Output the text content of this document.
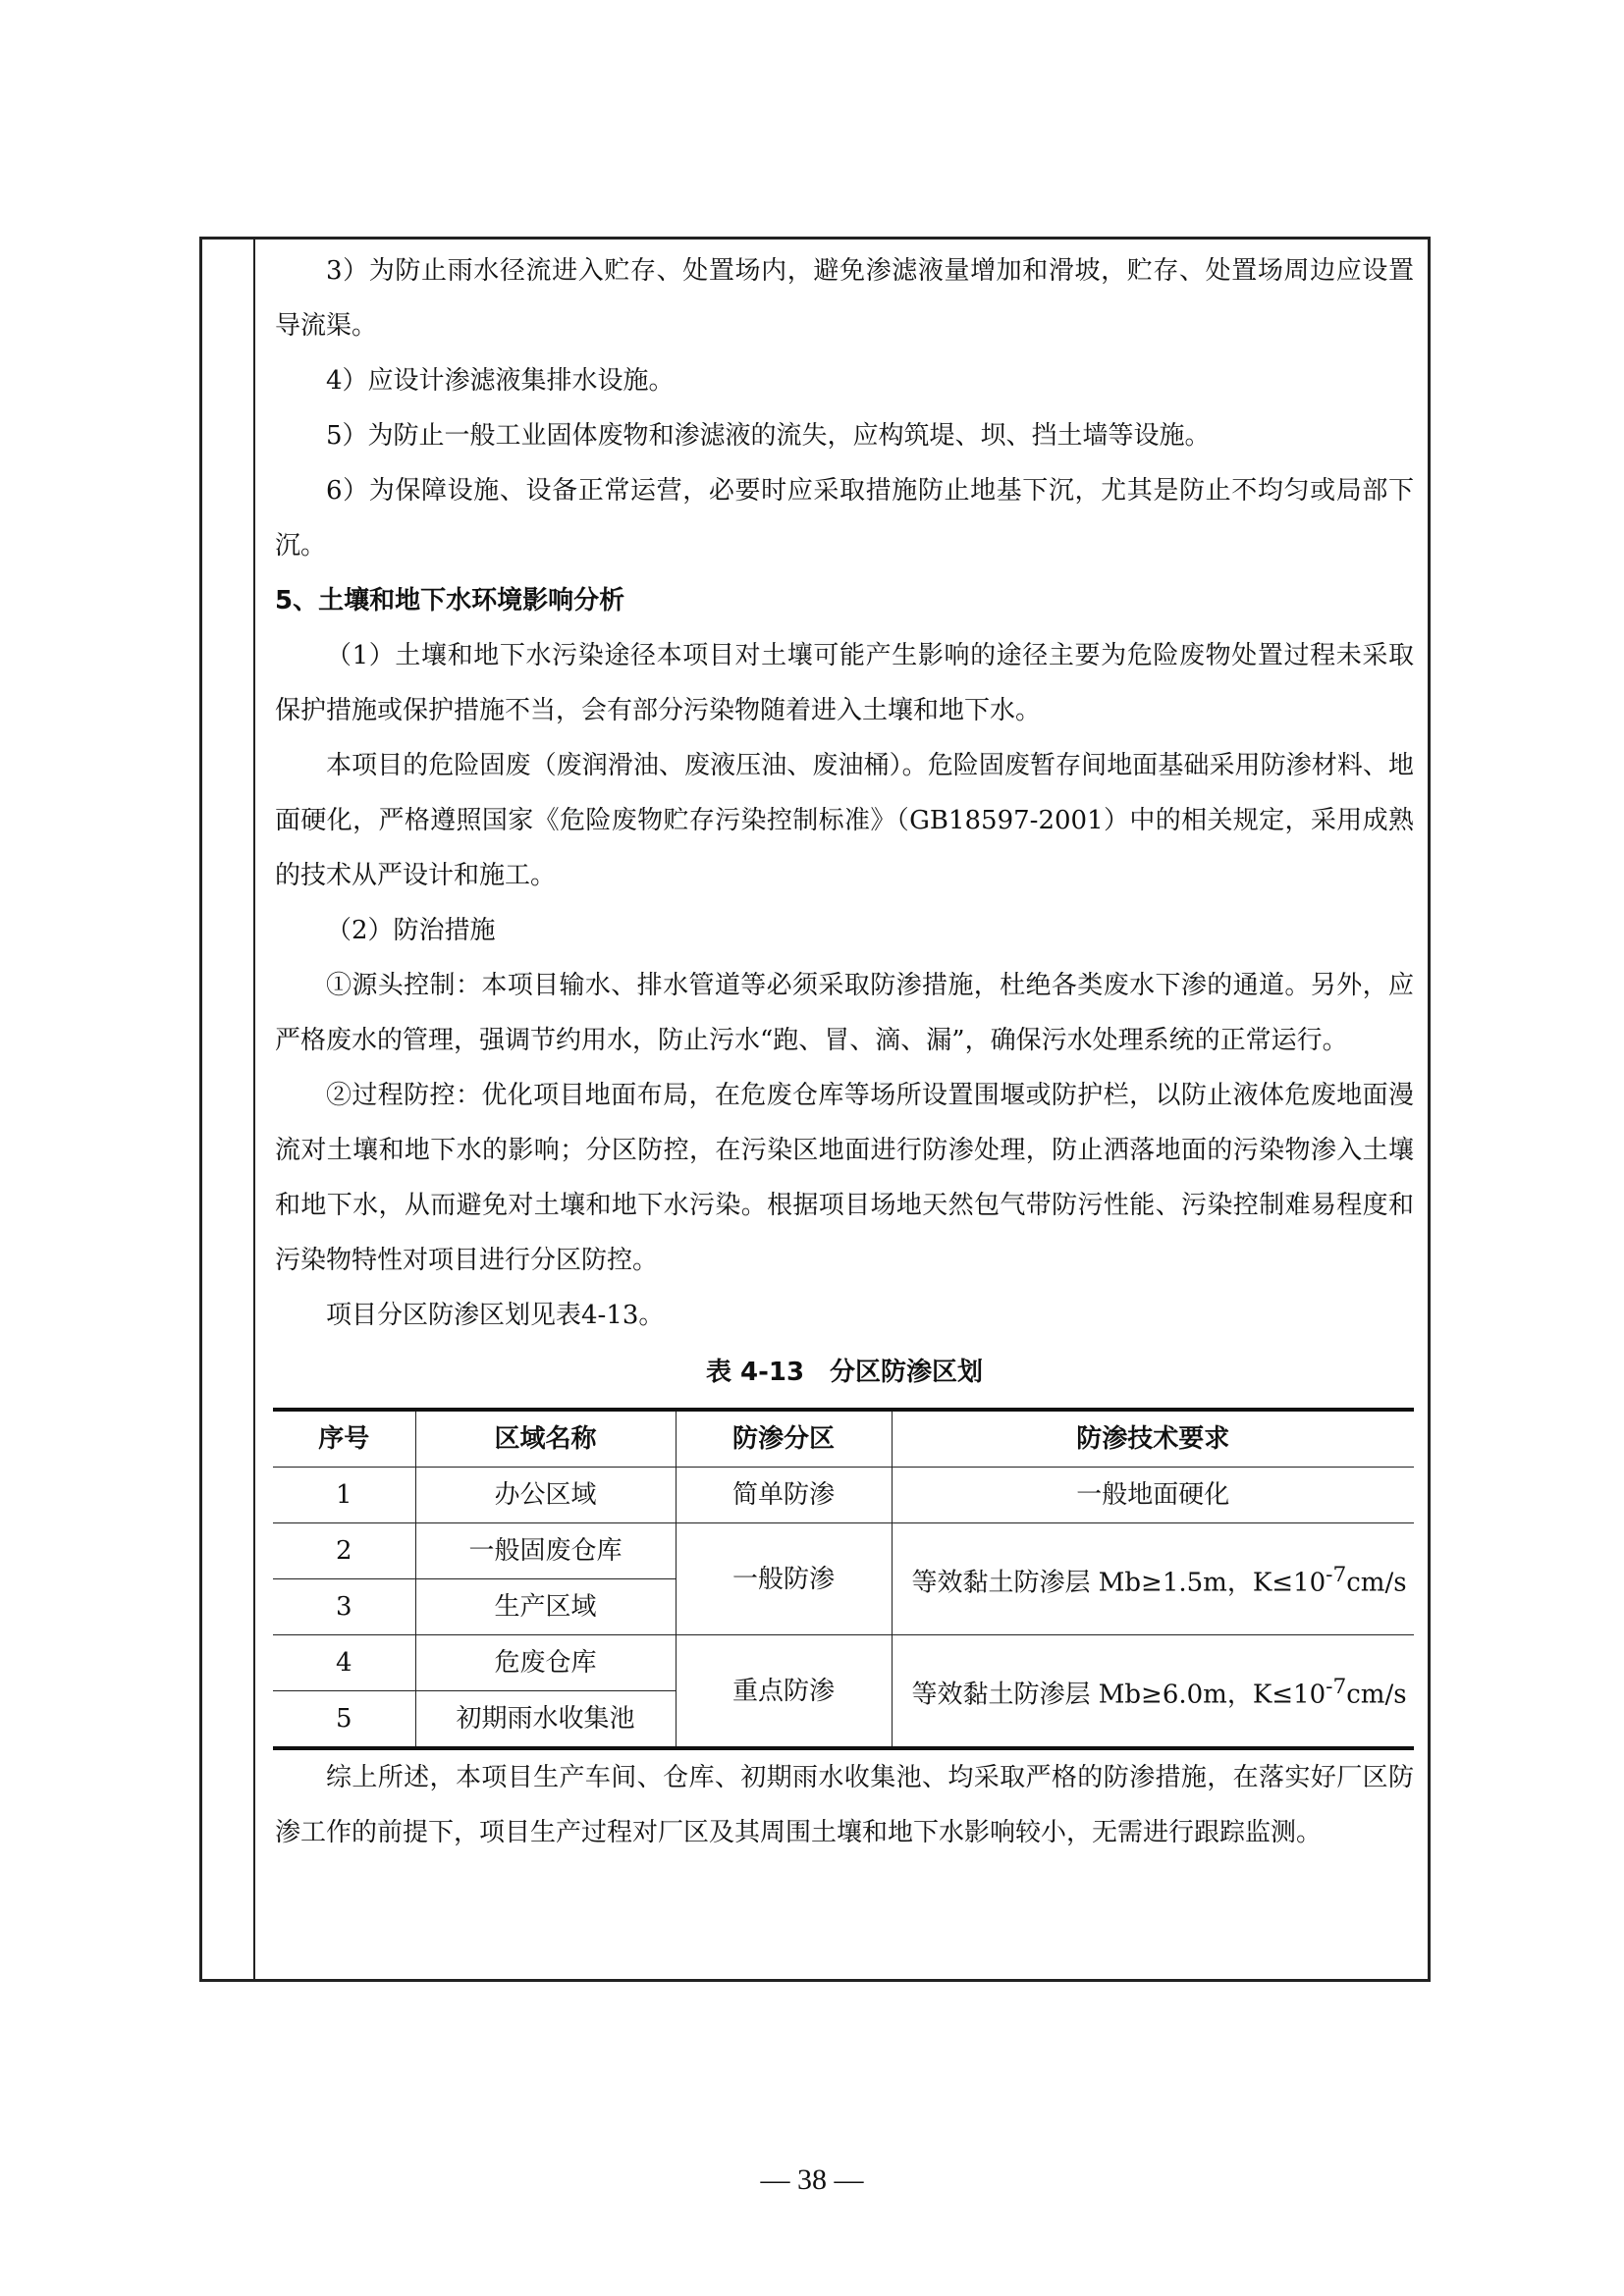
3）为防止雨水径流进入贮存、处置场内，避免渗滤液量增加和滑坡，贮存、处置场周边应设置导流渠。

4）应设计渗滤液集排水设施。

5）为防止一般工业固体废物和渗滤液的流失，应构筑堤、坝、挡土墙等设施。

6）为保障设施、设备正常运营，必要时应采取措施防止地基下沉，尤其是防止不均匀或局部下沉。

5、土壤和地下水环境影响分析

（1）土壤和地下水污染途径本项目对土壤可能产生影响的途径主要为危险废物处置过程未采取保护措施或保护措施不当，会有部分污染物随着进入土壤和地下水。

本项目的危险固废（废润滑油、废液压油、废油桶）。危险固废暂存间地面基础采用防渗材料、地面硬化，严格遵照国家《危险废物贮存污染控制标准》（GB18597-2001）中的相关规定，采用成熟的技术从严设计和施工。

（2）防治措施

①源头控制：本项目输水、排水管道等必须采取防渗措施，杜绝各类废水下渗的通道。另外，应严格废水的管理，强调节约用水，防止污水“跑、冒、滴、漏”，确保污水处理系统的正常运行。

②过程防控：优化项目地面布局，在危废仓库等场所设置围堰或防护栏，以防止液体危废地面漫流对土壤和地下水的影响；分区防控，在污染区地面进行防渗处理，防止洒落地面的污染物渗入土壤和地下水，从而避免对土壤和地下水污染。根据项目场地天然包气带防污性能、污染控制难易程度和污染物特性对项目进行分区防控。

项目分区防渗区划见表4-13。

表 4-13　分区防渗区划
序号	区域名称	防渗分区	防渗技术要求
1	办公区域	简单防渗	一般地面硬化
2	一般固废仓库	一般防渗	等效黏土防渗层 Mb≥1.5m，$K\le 10^{-7}cm/s$
3	生产区域		
4	危废仓库	重点防渗	等效黏土防渗层 Mb≥6.0m，$K\le 10^{-7}cm/s$
5	初期雨水收集池		

综上所述，本项目生产车间、仓库、初期雨水收集池、均采取严格的防渗措施，在落实好厂区防渗工作的前提下，项目生产过程对厂区及其周围土壤和地下水影响较小，无需进行跟踪监测。

— 38 —
